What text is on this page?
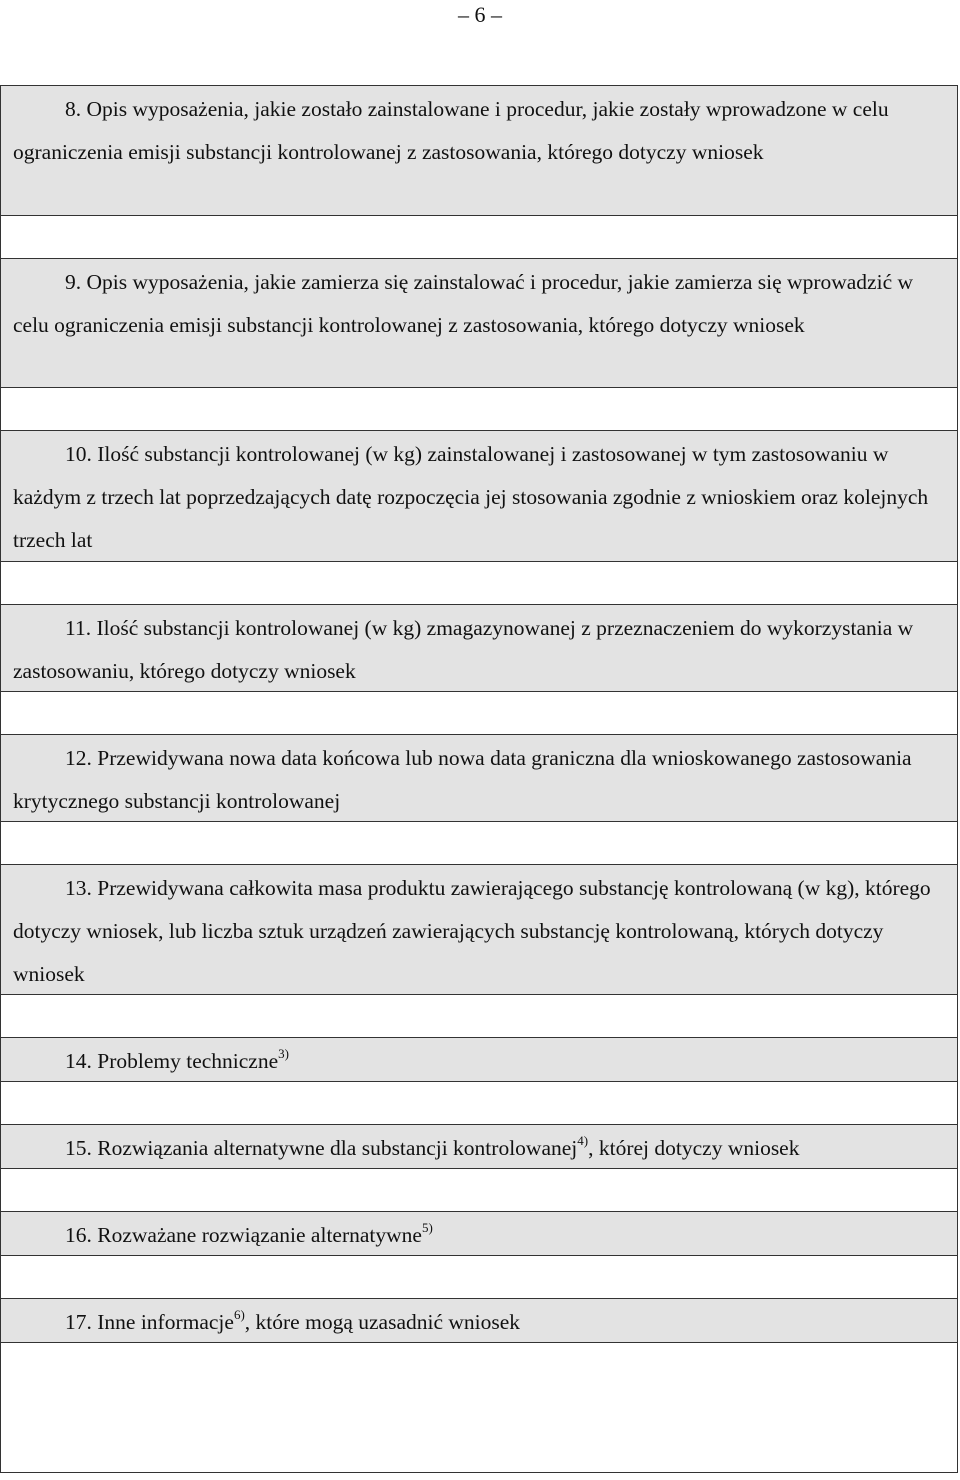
– 6 –
8. Opis wyposażenia, jakie zostało zainstalowane i procedur, jakie zostały wprowadzone w celu ograniczenia emisji substancji kontrolowanej z zastosowania, którego dotyczy wniosek
9. Opis wyposażenia, jakie zamierza się zainstalować i procedur, jakie zamierza się wprowadzić w celu ograniczenia emisji substancji kontrolowanej z zastosowania, którego dotyczy wniosek
10. Ilość substancji kontrolowanej (w kg) zainstalowanej i zastosowanej w tym zastosowaniu w każdym z trzech lat poprzedzających datę rozpoczęcia jej stosowania zgodnie z wnioskiem oraz kolejnych trzech lat
11. Ilość substancji kontrolowanej (w kg) zmagazynowanej z przeznaczeniem do wykorzystania w zastosowaniu, którego dotyczy wniosek
12. Przewidywana nowa data końcowa lub nowa data graniczna dla wnioskowanego zastosowania krytycznego substancji kontrolowanej
13. Przewidywana całkowita masa produktu zawierającego substancję kontrolowaną (w kg), którego dotyczy wniosek, lub liczba sztuk urządzeń zawierających substancję kontrolowaną, których dotyczy wniosek
14. Problemy techniczne$^{3)}$
15. Rozwiązania alternatywne dla substancji kontrolowanej$^{4)}$, której dotyczy wniosek
16. Rozważane rozwiązanie alternatywne$^{5)}$
17. Inne informacje$^{6)}$, które mogą uzasadnić wniosek
